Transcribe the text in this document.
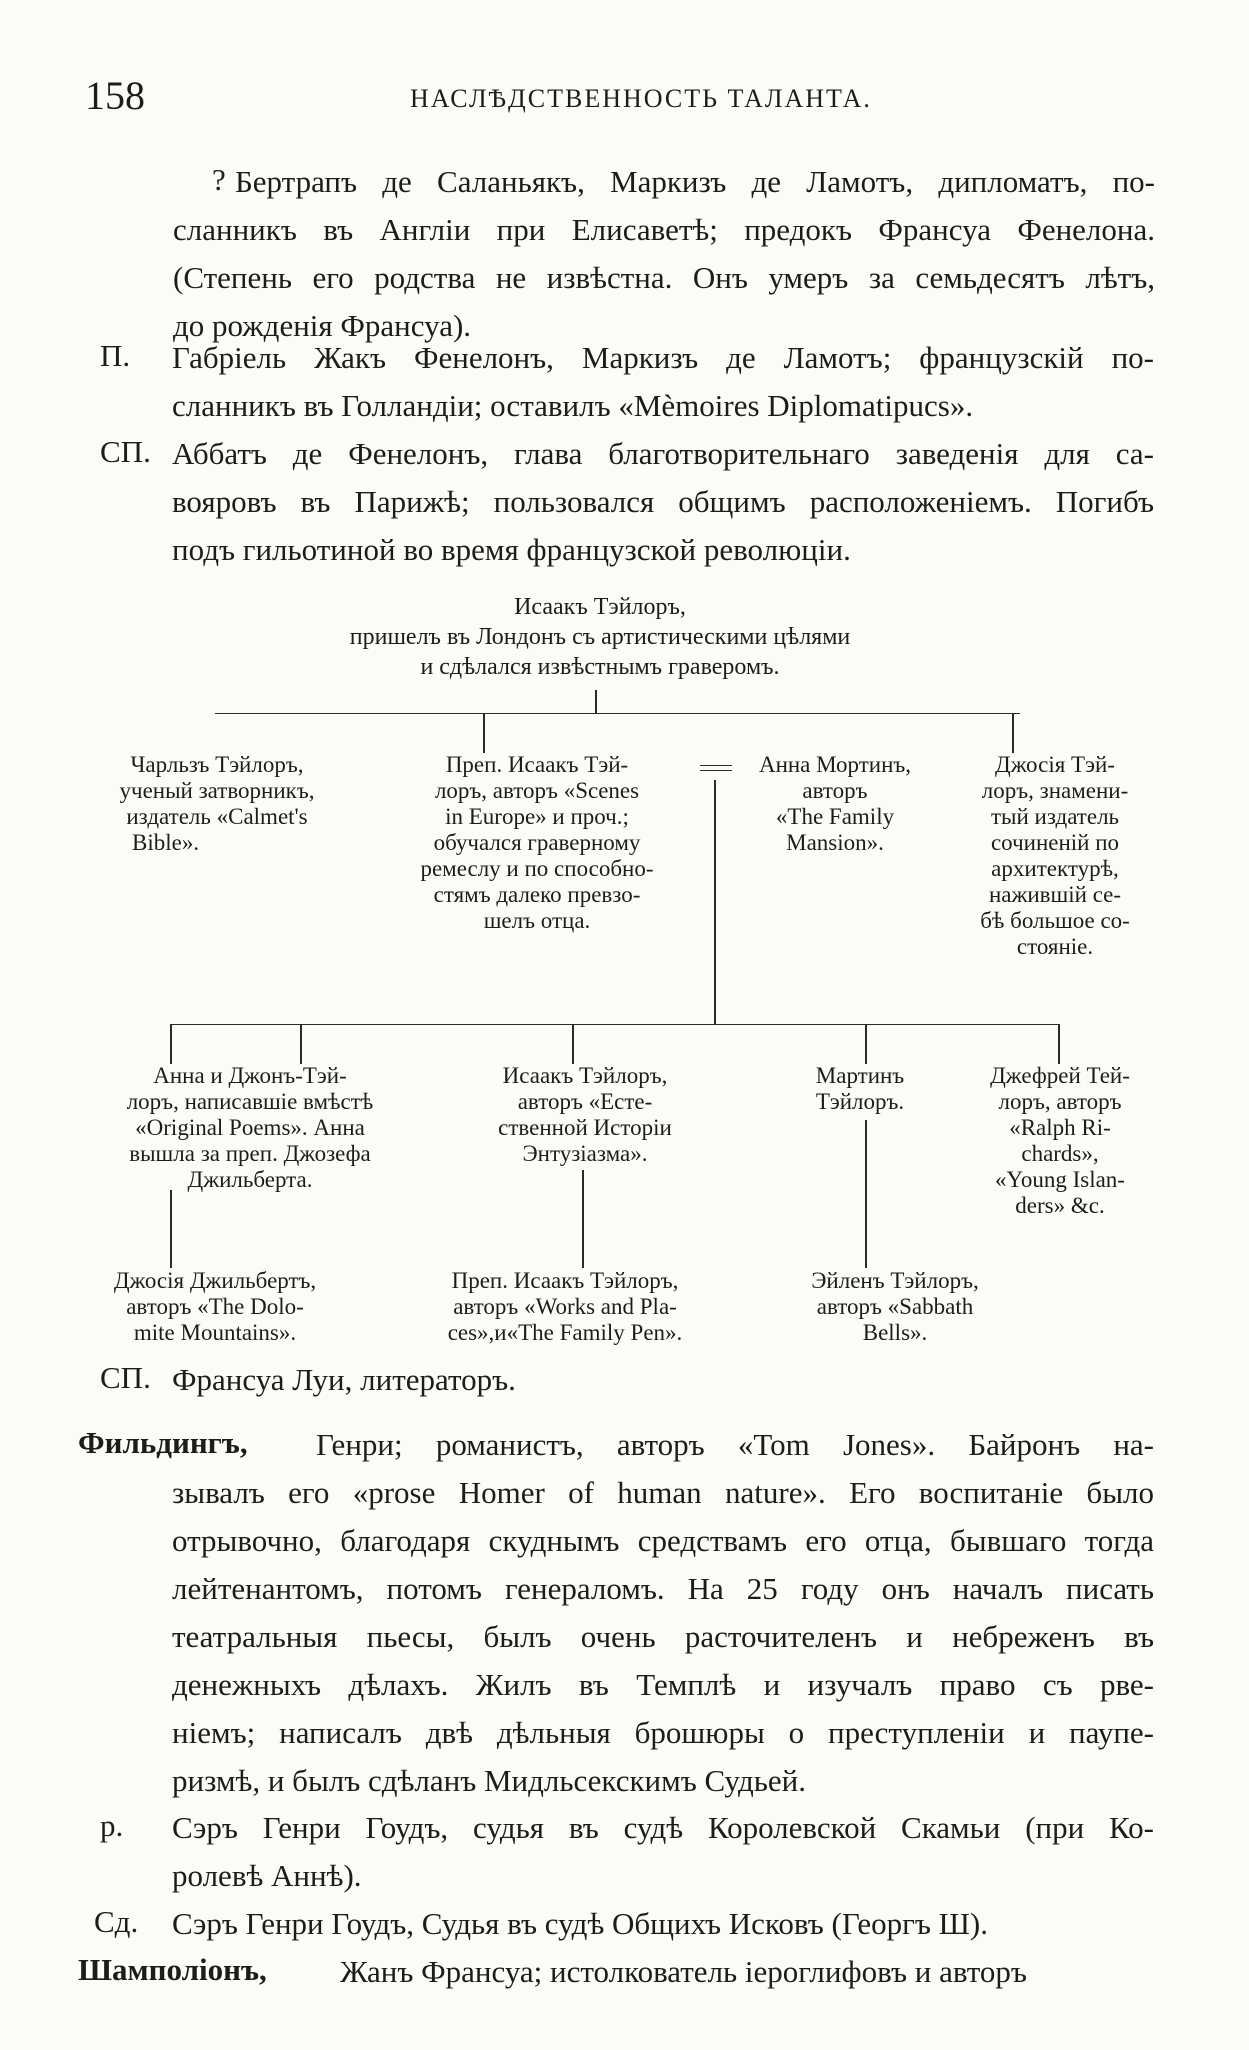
158	НАСЛѢДСТВЕННОСТЬ ТАЛАНТА.
? Бертрапъ де Саланьякъ, Маркизъ де Ламотъ, дипломатъ, по-
сланникъ въ Англіи при Елисаветѣ; предокъ Франсуа Фенелона.
(Степень его родства не извѣстна. Онъ умеръ за семьдесятъ лѣтъ,
до рожденія Франсуа).
П. Габріель Жакъ Фенелонъ, Маркизъ де Ламотъ; французскій по-
сланникъ въ Голландіи; оставилъ «Mèmoires Diplomatipucs».
СП. Аббатъ де Фенелонъ, глава благотворительнаго заведенія для са-
вояровъ въ Парижѣ; пользовался общимъ расположеніемъ. Погибъ
подъ гильотиной во время французской революціи.
Исаакъ Тэйлоръ,
пришелъ въ Лондонъ съ артистическими цѣлями
и сдѣлался извѣстнымъ граверомъ.
Чарльзъ Тэйлоръ,
ученый затворникъ,
издатель «Calmet's
Bible».
Преп. Исаакъ Тэй-
лоръ, авторъ «Scenes
in Europe» и проч.;
обучался граверному
ремеслу и по способно-
стямъ далеко превзо-
шелъ отца.
Анна Мортинъ,
авторъ
«The Family
Mansion».
Джосія Тэй-
лоръ, знамени-
тый издатель
сочиненій по
архитектурѣ,
нажившій се-
бѣ большое со-
стояніе.
Анна и Джонъ-Тэй-
лоръ, написавшіе вмѣстѣ
«Original Poems». Анна
вышла за преп. Джозефа
Джильберта.
Исаакъ Тэйлоръ,
авторъ «Есте-
ственной Исторіи
Энтузіазма».
Мартинъ
Тэйлоръ.
Джефрей Тей-
лоръ, авторъ
«Ralph Ri-
chards»,
«Young Islan-
ders» &c.
Джосія Джильбертъ,
авторъ «The Dolo-
mite Mountains».
Преп. Исаакъ Тэйлоръ,
авторъ «Works and Pla-
ces»,и«The Family Pen».
Эйленъ Тэйлоръ,
авторъ «Sabbath
Bells».
СП. Франсуа Луи, литераторъ.
Фильдингъ, Генри; романистъ, авторъ «Tom Jones». Байронъ на-
зывалъ его «prose Homer of human nature». Его воспитаніе было
отрывочно, благодаря скуднымъ средствамъ его отца, бывшаго тогда
лейтенантомъ, потомъ генераломъ. На 25 году онъ началъ писать
театральныя пьесы, былъ очень расточителенъ и небреженъ въ
денежныхъ дѣлахъ. Жилъ въ Темплѣ и изучалъ право съ рве-
ніемъ; написалъ двѣ дѣльныя брошюры о преступленіи и паупе-
ризмѣ, и былъ сдѣланъ Мидльсекскимъ Судьей.
р. Сэръ Генри Гоудъ, судья въ судѣ Королевской Скамьи (при Ко-
ролевѣ Аннѣ).
Сд. Сэръ Генри Гоудъ, Судья въ судѣ Общихъ Исковъ (Георгъ Ш).
Шамполіонъ, Жанъ Франсуа; истолкователь іероглифовъ и авторъ
